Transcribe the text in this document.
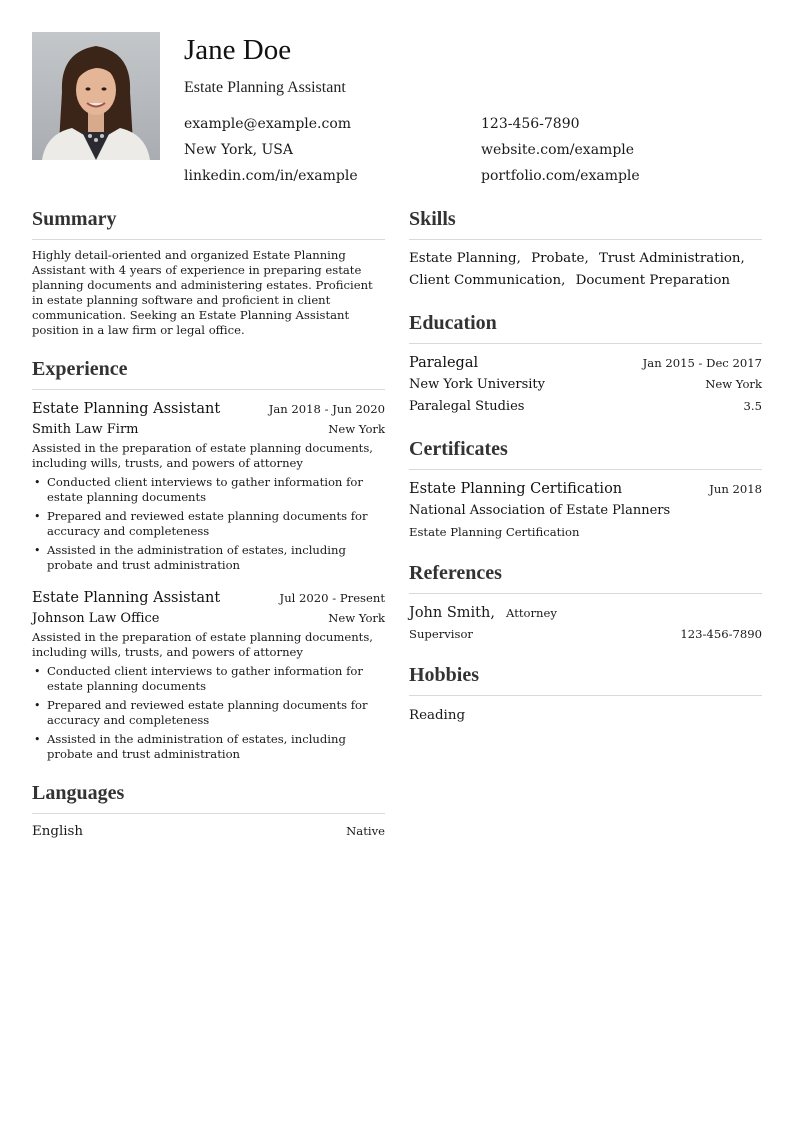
Jane Doe
Estate Planning Assistant
example@example.com
New York, USA
linkedin.com/in/example
123-456-7890
website.com/example
portfolio.com/example
Summary
Highly detail-oriented and organized Estate Planning Assistant with 4 years of experience in preparing estate planning documents and administering estates. Proficient in estate planning software and proficient in client communication. Seeking an Estate Planning Assistant position in a law firm or legal office.
Experience
Estate Planning Assistant	Jan 2018 - Jun 2020
Smith Law Firm	New York
Assisted in the preparation of estate planning documents, including wills, trusts, and powers of attorney
• Conducted client interviews to gather information for estate planning documents
• Prepared and reviewed estate planning documents for accuracy and completeness
• Assisted in the administration of estates, including probate and trust administration
Estate Planning Assistant	Jul 2020 - Present
Johnson Law Office	New York
Assisted in the preparation of estate planning documents, including wills, trusts, and powers of attorney
• Conducted client interviews to gather information for estate planning documents
• Prepared and reviewed estate planning documents for accuracy and completeness
• Assisted in the administration of estates, including probate and trust administration
Languages
English	Native
Skills
Estate Planning, Probate, Trust Administration, Client Communication, Document Preparation
Education
Paralegal	Jan 2015 - Dec 2017
New York University	New York
Paralegal Studies	3.5
Certificates
Estate Planning Certification	Jun 2018
National Association of Estate Planners
Estate Planning Certification
References
John Smith, Attorney
Supervisor	123-456-7890
Hobbies
Reading
